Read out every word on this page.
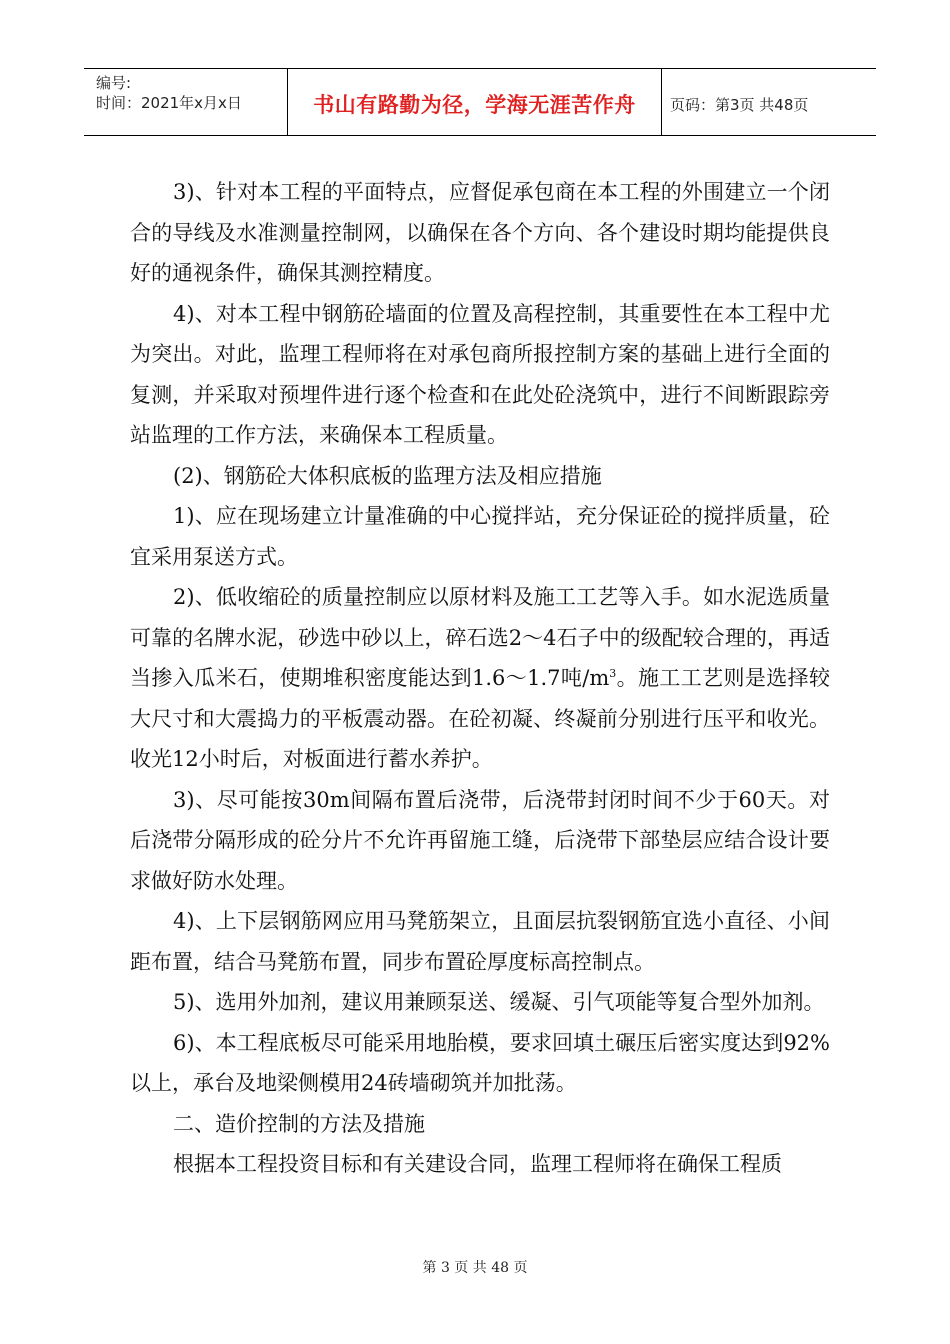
编号:
时间：2021年x月x日	书山有路勤为径，学海无涯苦作舟	页码：第3页 共48页

3)、针对本工程的平面特点，应督促承包商在本工程的外围建立一个闭合的导线及水准测量控制网，以确保在各个方向、各个建设时期均能提供良好的通视条件，确保其测控精度。

4)、对本工程中钢筋砼墙面的位置及高程控制，其重要性在本工程中尤为突出。对此，监理工程师将在对承包商所报控制方案的基础上进行全面的复测，并采取对预埋件进行逐个检查和在此处砼浇筑中，进行不间断跟踪旁站监理的工作方法，来确保本工程质量。

(2)、钢筋砼大体积底板的监理方法及相应措施

1)、应在现场建立计量准确的中心搅拌站，充分保证砼的搅拌质量，砼宜采用泵送方式。

2)、低收缩砼的质量控制应以原材料及施工工艺等入手。如水泥选质量可靠的名牌水泥，砂选中砂以上，碎石选2～4石子中的级配较合理的，再适当掺入瓜米石，使期堆积密度能达到1.6～1.7吨$/m^3$。施工工艺则是选择较大尺寸和大震捣力的平板震动器。在砼初凝、终凝前分别进行压平和收光。收光12小时后，对板面进行蓄水养护。

3)、尽可能按30m间隔布置后浇带，后浇带封闭时间不少于60天。对后浇带分隔形成的砼分片不允许再留施工缝，后浇带下部垫层应结合设计要求做好防水处理。

4)、上下层钢筋网应用马凳筋架立，且面层抗裂钢筋宜选小直径、小间距布置，结合马凳筋布置，同步布置砼厚度标高控制点。

5)、选用外加剂，建议用兼顾泵送、缓凝、引气项能等复合型外加剂。

6)、本工程底板尽可能采用地胎模，要求回填土碾压后密实度达到92%以上，承台及地梁侧模用24砖墙砌筑并加批荡。

二、造价控制的方法及措施

根据本工程投资目标和有关建设合同，监理工程师将在确保工程质

第 3 页 共 48 页
